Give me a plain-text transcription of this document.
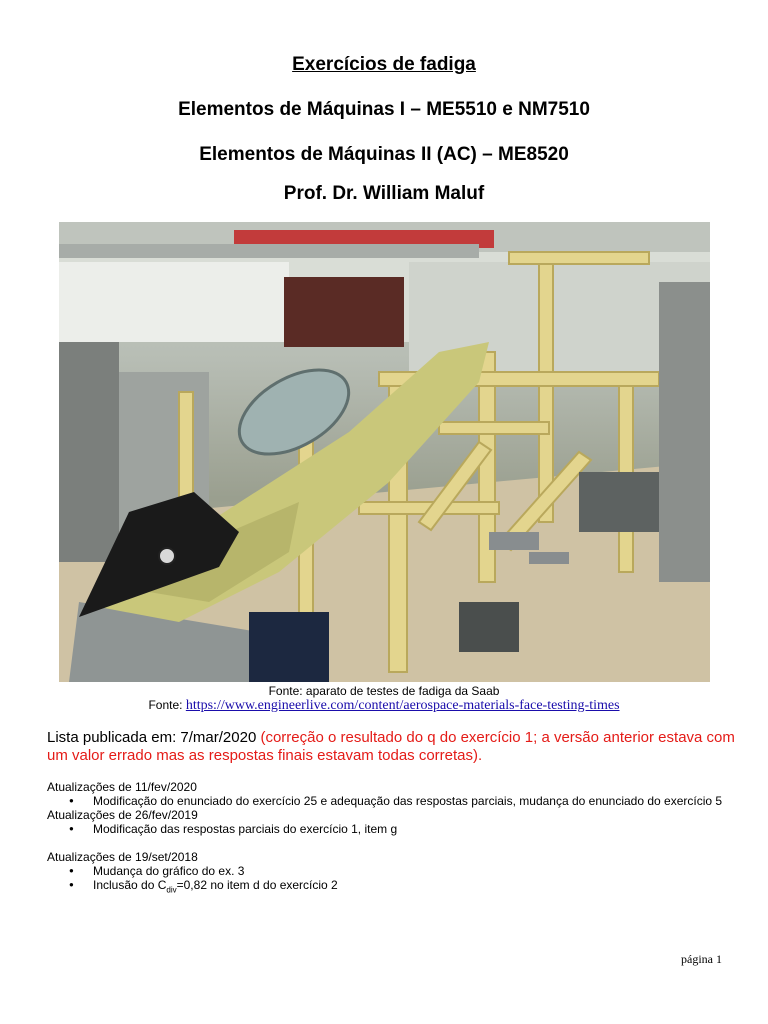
Exercícios de fadiga
Elementos de Máquinas I – ME5510 e NM7510
Elementos de Máquinas II (AC) – ME8520
Prof. Dr. William Maluf
Fonte: aparato de testes de fadiga da Saab
Fonte: https://www.engineerlive.com/content/aerospace-materials-face-testing-times
Lista publicada em: 7/mar/2020 (correção o resultado do q do exercício 1; a versão anterior estava com um valor errado mas as respostas finais estavam todas corretas).

Atualizações de 11/fev/2020

● Modificação do enunciado do exercício 25 e adequação das respostas parciais, mudança do enunciado do exercício 5

Atualizações de 26/fev/2019

● Modificação das respostas parciais do exercício 1, item g

Atualizações de 19/set/2018

● Mudança do gráfico do ex. 3
● Inclusão do $C_{div}=0,82$ no item d do exercício 2
página 1
